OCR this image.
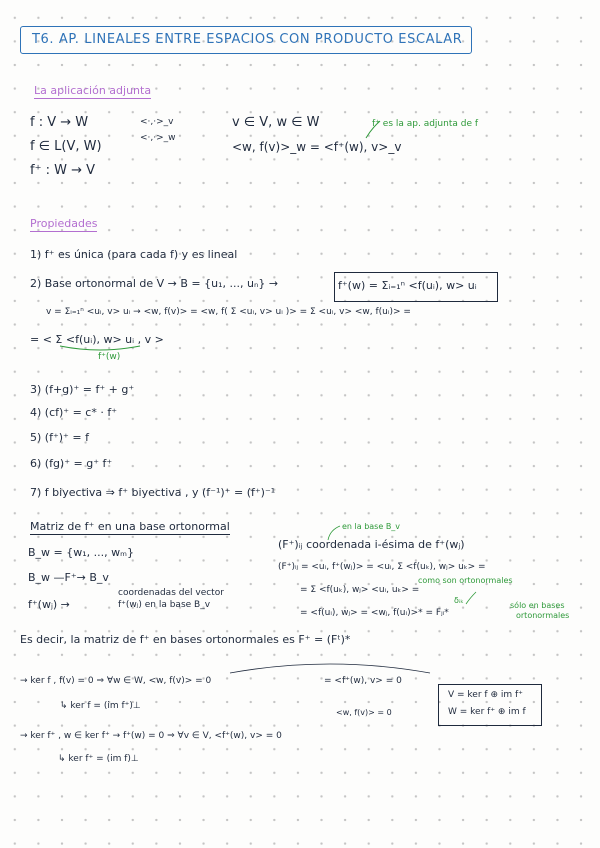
T6. AP. LINEALES ENTRE ESPACIOS CON PRODUCTO ESCALAR
La aplicación adjunta
f : V → W
f ∈ L(V, W)
f⁺ : W → V
<·,·>_v
<·,·>_w
v ∈ V, w ∈ W
<w, f(v)>_w = <f⁺(w), v>_v
f⁺ es la ap. adjunta de f
Propiedades
1) f⁺ es única (para cada f) y es lineal
2) Base ortonormal de V → B = {u₁, ..., uₙ} →	f⁺(w) = Σᵢ₌₁ⁿ <f(uᵢ), w> uᵢ
v = Σᵢ₌₁ⁿ <uᵢ, v> uᵢ → <w, f(v)> = <w, f( Σ <uᵢ, v> uᵢ )> = Σ <uᵢ, v> <w, f(uᵢ)> =
= < Σ <f(uᵢ), w> uᵢ , v >
f⁺(w)
3) (f+g)⁺ = f⁺ + g⁺
4) (cf)⁺ = c* · f⁺
5) (f⁺)⁺ = f
6) (fg)⁺ = g⁺ f⁺
7) f biyectiva ⇒ f⁺ biyectiva , y (f⁻¹)⁺ = (f⁺)⁻¹
Matriz de f⁺ en una base ortonormal
B_w = {w₁, ..., wₘ}
B_w —F⁺→ B_v
f⁺(wⱼ) →
coordenadas del vector
f⁺(wⱼ) en la base B_v
en la base B_v
(F⁺)ᵢⱼ coordenada i-ésima de f⁺(wⱼ)
(F⁺)ᵢⱼ = <uᵢ, f⁺(wⱼ)> = <uᵢ, Σ <f(uₖ), wⱼ> uₖ> =
como son ortonormales
= Σ <f(uₖ), wⱼ> <uᵢ, uₖ> =
δᵢₖ
= <f(uᵢ), wⱼ> = <wⱼ, f(uᵢ)>* = Fⱼᵢ*
sólo en bases
ortonormales
Es decir, la matriz de f⁺ en bases ortonormales es F⁺ = (Fᵗ)*
→ ker f , f(v) = 0 ⇒ ∀w ∈ W, <w, f(v)> = 0	= <f⁺(w), v> = 0
↳ ker f = (im f⁺)⊥
<w, f(v)> = 0
→ ker f⁺ , w ∈ ker f⁺ → f⁺(w) = 0 ⇒ ∀v ∈ V, <f⁺(w), v> = 0
↳ ker f⁺ = (im f)⊥
V = ker f ⊕ im f⁺
W = ker f⁺ ⊕ im f
